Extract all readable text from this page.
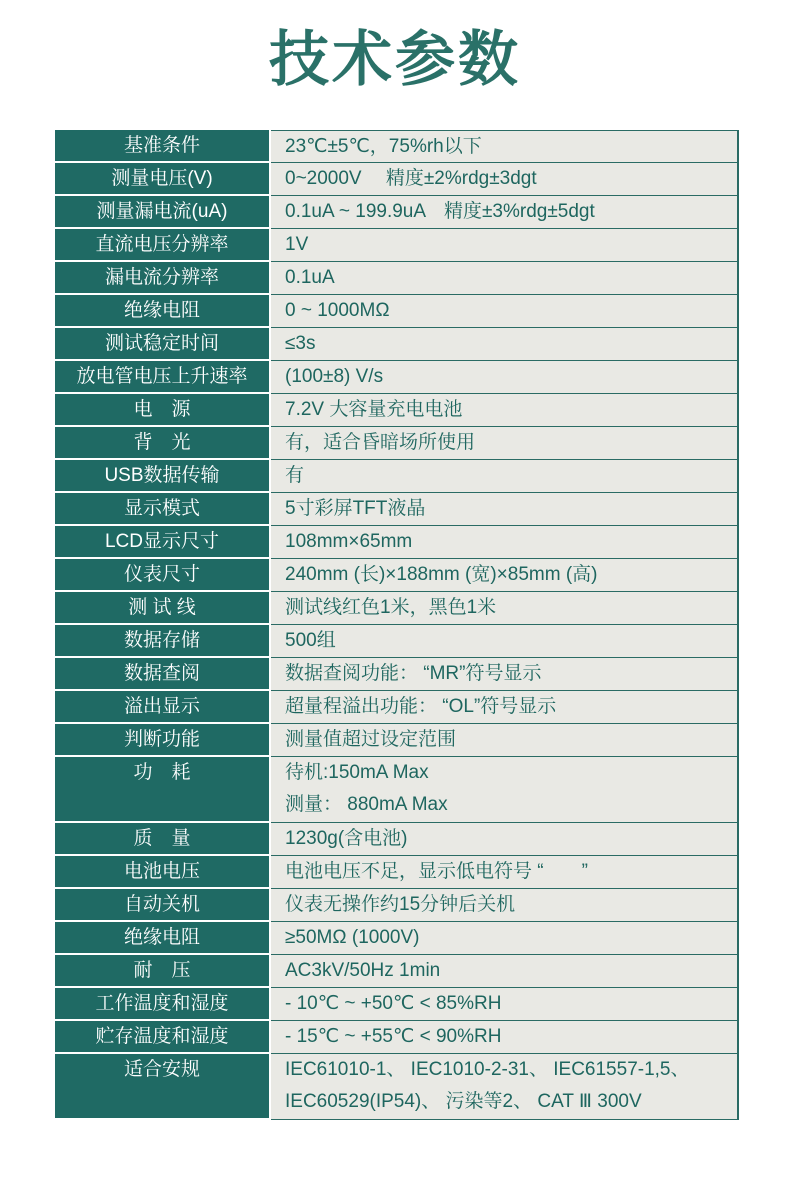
技术参数
基准条件	23℃±5℃，75%rh以下
测量电压(V)	0~2000V　 精度±2%rdg±3dgt
测量漏电流(uA)	0.1uA ~ 199.9uA　精度±3%rdg±5dgt
直流电压分辨率	1V
漏电流分辨率	0.1uA
绝缘电阻	0 ~ 1000MΩ
测试稳定时间	≤3s
放电管电压上升速率	(100±8) V/s
电　源	7.2V 大容量充电电池
背　光	有，适合昏暗场所使用
USB数据传输	有
显示模式	5寸彩屏TFT液晶
LCD显示尺寸	108mm×65mm
仪表尺寸	240mm (长)×188mm (宽)×85mm (高)
测 试 线	测试线红色1米，黑色1米
数据存储	500组
数据查阅	数据查阅功能： “MR”符号显示
溢出显示	超量程溢出功能： “OL”符号显示
判断功能	测量值超过设定范围
功　耗	待机:150mA Max
测量： 880mA Max
质　量	1230g(含电池)
电池电压	电池电压不足，显示低电符号 “　　”
自动关机	仪表无操作约15分钟后关机
绝缘电阻	≥50MΩ (1000V)
耐　压	AC3kV/50Hz 1min
工作温度和湿度	- 10℃ ~ +50℃ < 85%RH
贮存温度和湿度	- 15℃ ~ +55℃ < 90%RH
适合安规	IEC61010-1、 IEC1010-2-31、 IEC61557-1,5、
IEC60529(IP54)、 污染等2、 CAT Ⅲ 300V
